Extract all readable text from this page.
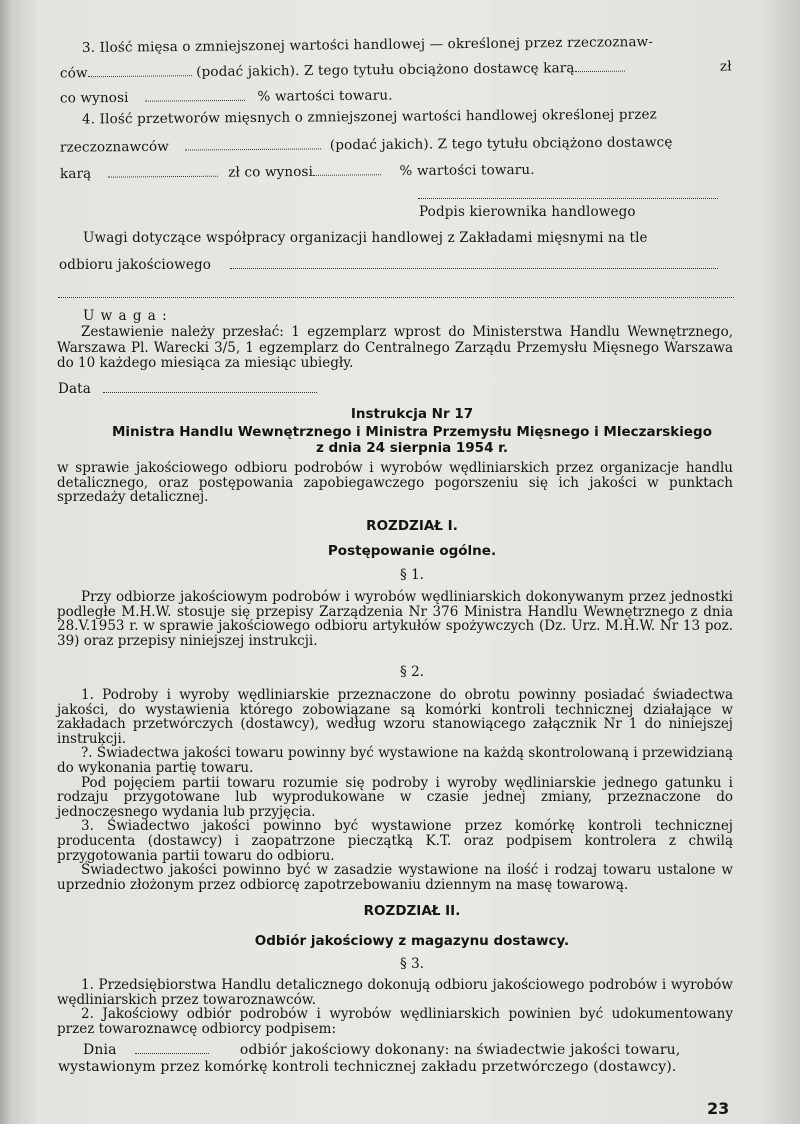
3. Ilość mięsa o zmniejszonej wartości handlowej — określonej przez rzeczoznaw-
ców	(podać jakich). Z tego tytułu obciążono dostawcę karą	zł
co wynosi	% wartości towaru.
4. Ilość przetworów mięsnych o zmniejszonej wartości handlowej określonej przez
rzeczoznawców	(podać jakich). Z tego tytułu obciążono dostawcę
karą	zł co wynosi	% wartości towaru.
Podpis kierownika handlowego
Uwagi dotyczące współpracy organizacji handlowej z Zakładami mięsnymi na tle
odbioru jakościowego
U w a g a :

Zestawienie należy przesłać: 1 egzemplarz wprost do Ministerstwa Handlu Wewnętrznego, Warszawa Pl. Warecki 3/5, 1 egzemplarz do Centralnego Zarządu Przemysłu Mięsnego Warszawa do 10 każdego miesiąca za miesiąc ubiegły.

Data
Instrukcja Nr 17
Ministra Handlu Wewnętrznego i Ministra Przemysłu Mięsnego i Mleczarskiego
z dnia 24 sierpnia 1954 r.

w sprawie jakościowego odbioru podrobów i wyrobów wędliniarskich przez organizacje handlu detalicznego, oraz postępowania zapobiegawczego pogorszeniu się ich jakości w punktach sprzedaży detalicznej.

ROZDZIAŁ I.
Postępowanie ogólne.
§ 1.

Przy odbiorze jakościowym podrobów i wyrobów wędliniarskich dokonywanym przez jednostki podległe M.H.W. stosuje się przepisy Zarządzenia Nr 376 Ministra Handlu Wewnętrznego z dnia 28.V.1953 r. w sprawie jakościowego odbioru artykułów spożywczych (Dz. Urz. M.H.W. Nr 13 poz. 39) oraz przepisy niniejszej instrukcji.

§ 2.

1. Podroby i wyroby wędliniarskie przeznaczone do obrotu powinny posiadać świadectwa jakości, do wystawienia którego zobowiązane są komórki kontroli technicznej działające w zakładach przetwórczych (dostawcy), według wzoru stanowiącego załącznik Nr 1 do niniejszej instrukcji.

?. Świadectwa jakości towaru powinny być wystawione na każdą skontrolowaną i przewidzianą do wykonania partię towaru.

Pod pojęciem partii towaru rozumie się podroby i wyroby wędliniarskie jednego gatunku i rodzaju przygotowane lub wyprodukowane w czasie jednej zmiany, przeznaczone do jednoczesnego wydania lub przyjęcia.

3. Świadectwo jakości powinno być wystawione przez komórkę kontroli technicznej producenta (dostawcy) i zaopatrzone pieczątką K.T. oraz podpisem kontrolera z chwilą przygotowania partii towaru do odbioru.

Świadectwo jakości powinno być w zasadzie wystawione na ilość i rodzaj towaru ustalone w uprzednio złożonym przez odbiorcę zapotrzebowaniu dziennym na masę towarową.

ROZDZIAŁ II.
Odbiór jakościowy z magazynu dostawcy.
§ 3.

1. Przedsiębiorstwa Handlu detalicznego dokonują odbioru jakościowego podrobów i wyrobów wędliniarskich przez towaroznawców.

2. Jakościowy odbiór podrobów i wyrobów wędliniarskich powinien być udokumentowany przez towaroznawcę odbiorcy podpisem:

Dnia	odbiór jakościowy dokonany: na świadectwie jakości towaru,
wystawionym przez komórkę kontroli technicznej zakładu przetwórczego (dostawcy).
23
